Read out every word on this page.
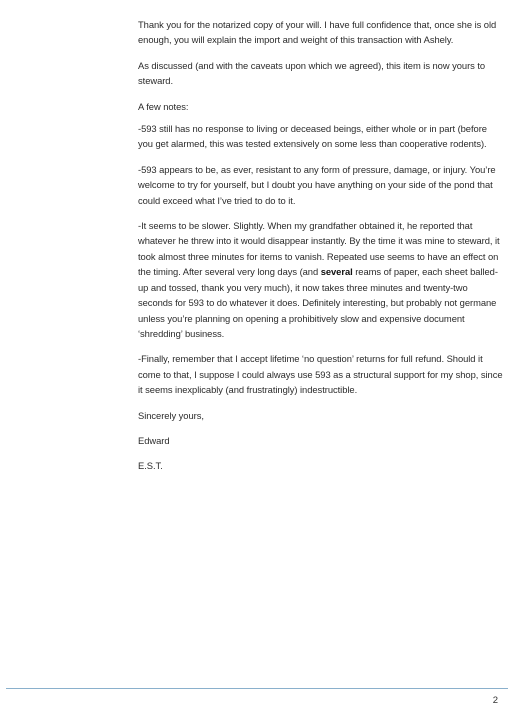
Thank you for the notarized copy of your will. I have full confidence that, once she is old enough, you will explain the import and weight of this transaction with Ashely.

As discussed (and with the caveats upon which we agreed), this item is now yours to steward.

A few notes:

-593 still has no response to living or deceased beings, either whole or in part (before you get alarmed, this was tested extensively on some less than cooperative rodents).

-593 appears to be, as ever, resistant to any form of pressure, damage, or injury. You’re welcome to try for yourself, but I doubt you have anything on your side of the pond that could exceed what I’ve tried to do to it.

-It seems to be slower. Slightly. When my grandfather obtained it, he reported that whatever he threw into it would disappear instantly. By the time it was mine to steward, it took almost three minutes for items to vanish. Repeated use seems to have an effect on the timing. After several very long days (and several reams of paper, each sheet balled-up and tossed, thank you very much), it now takes three minutes and twenty-two seconds for 593 to do whatever it does. Definitely interesting, but probably not germane unless you’re planning on opening a prohibitively slow and expensive document ‘shredding’ business.

-Finally, remember that I accept lifetime ‘no question’ returns for full refund. Should it come to that, I suppose I could always use 593 as a structural support for my shop, since it seems inexplicably (and frustratingly) indestructible.

Sincerely yours,

Edward

E.S.T.

2
